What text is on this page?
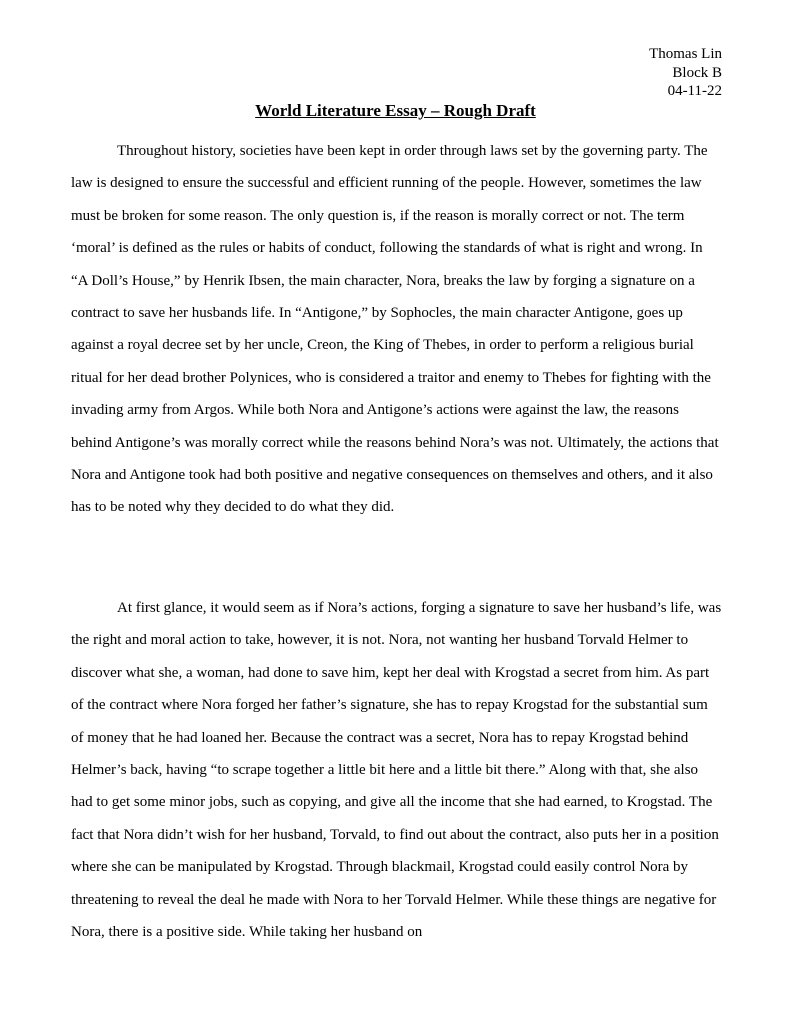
Thomas Lin
Block B
04-11-22
World Literature Essay – Rough Draft

Throughout history, societies have been kept in order through laws set by the governing party. The law is designed to ensure the successful and efficient running of the people. However, sometimes the law must be broken for some reason. The only question is, if the reason is morally correct or not. The term ‘moral’ is defined as the rules or habits of conduct, following the standards of what is right and wrong. In “A Doll’s House,” by Henrik Ibsen, the main character, Nora, breaks the law by forging a signature on a contract to save her husbands life. In “Antigone,” by Sophocles, the main character Antigone, goes up against a royal decree set by her uncle, Creon, the King of Thebes, in order to perform a religious burial ritual for her dead brother Polynices, who is considered a traitor and enemy to Thebes for fighting with the invading army from Argos. While both Nora and Antigone’s actions were against the law, the reasons behind Antigone’s was morally correct while the reasons behind Nora’s was not. Ultimately, the actions that Nora and Antigone took had both positive and negative consequences on themselves and others, and it also has to be noted why they decided to do what they did.

At first glance, it would seem as if Nora’s actions, forging a signature to save her husband’s life, was the right and moral action to take, however, it is not. Nora, not wanting her husband Torvald Helmer to discover what she, a woman, had done to save him, kept her deal with Krogstad a secret from him. As part of the contract where Nora forged her father’s signature, she has to repay Krogstad for the substantial sum of money that he had loaned her. Because the contract was a secret, Nora has to repay Krogstad behind Helmer’s back, having “to scrape together a little bit here and a little bit there.” Along with that, she also had to get some minor jobs, such as copying, and give all the income that she had earned, to Krogstad. The fact that Nora didn’t wish for her husband, Torvald, to find out about the contract, also puts her in a position where she can be manipulated by Krogstad. Through blackmail, Krogstad could easily control Nora by threatening to reveal the deal he made with Nora to her Torvald Helmer. While these things are negative for Nora, there is a positive side. While taking her husband on
